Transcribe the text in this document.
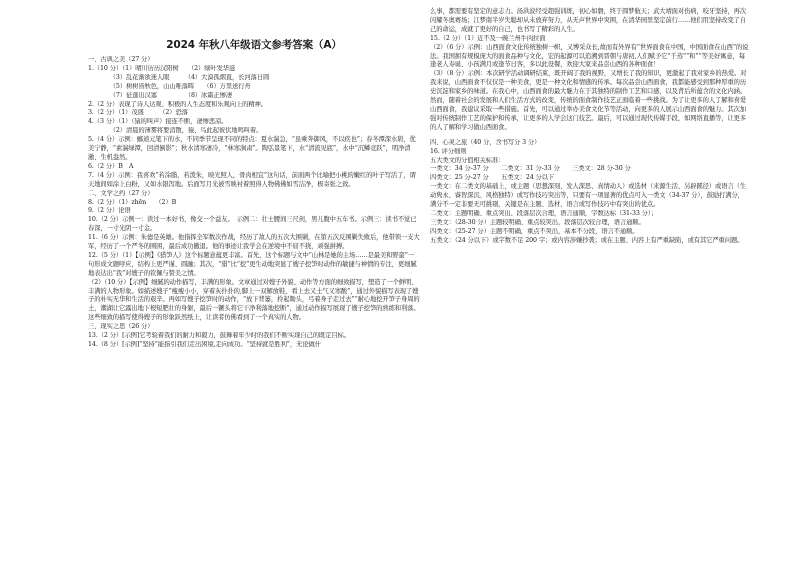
2024 年秋八年级语文参考答案（A）
一、古典之美（27 分）
1.（10 分）（1）晴川历历汉阳树　　（2）绿叶发华滋
　　　　（3）乱花渐欲迷人眼　　　（4）大漠孤烟直，长河落日圆
　　　　（5）树树皆秋色，山山唯落晖　　（6）万里送行舟
　　　　（7）征蓬出汉塞　　　　　（8）冰霜正惨凄
2.（2 分）表现了诗人达观、积极的人生态度和乐观向上的精神。
3.（2 分）（1）茂盛　　　（2）恐落
4.（3 分）（1）（猿的叫声）接连不断，凄惨悲凉。
　　　　（2）清晨的薄雾将要消散，猿、鸟此起彼伏地鸣叫着。
5.（4 分）示例：郦道元笔下的水，不同季节呈现不同的特点：夏水湍急，“虽乘奔御风，不以疾也”；春冬潭深水碧，优美宁静，“素湍绿潭，回清倒影”；秋水清寒凄冷，“林寒涧肃”。陶弘景笔下，水“清流见底”，水中“沉鳞竞跃”，明净清澈、生机盎然。
6.（2 分）B　A
7.（4 分）示例：我喜欢“若涂脂，若泼朱，映光照人，骨肉相宜”这句话，前面两个比喻把小桃的嫩红的叶子写活了，谓天地间如涂上白粉，又如水银泻地。后面写月光被雪映衬着照得人物佛佛如雪洁净，极寄张之致。
二、文学之约（27 分）
8.（2 分）（1）zhēn　　（2）B
9.（2 分）论语
10.（2 分）示例一：读过一本好书，像交一个益友。　示例二：壮士腰间三尺剑，男儿腹中五车书。示例三：读书不觉已春深，一寸光阴一寸金。
11.（6 分）示例：朱德是英雄。他指挥全军数次作战，经历了敌人的五次大围剿，在第五次反围剿失败后，他带领一支大军，经历了一个严冬的围困，最后成功撤退。他的事迹让我学会在逆境中不屈不挠，顽强拼搏。
12.（5 分）（1）【示例】《猎笋人》这个标题意蕴更丰富。首先，这个标题与文中“山林是她的主场……是最美和野蛮”一句形成文题呼应，结构上更严谨、圆融；其次，“猎”比“挖”更生动地突显了嫂子挖笋时动作的敏捷与神情的专注，更细腻地表达出“我”对嫂子的钦佩与赞美之情。
（2）（10 分）【示例】细腻的动作描写，丰满的形象。文章通过对嫂子外貌、动作等方面的细致描写，塑造了一个鲜明、丰满的人物形象。如描述嫂子“瘦瘦小小，穿着灰扑扑的,脚上一双解放鞋，看上去又土气又寒酸”，通过外貌描写表现了嫂子的朴实无华和生活的艰辛。再如写嫂子挖笋时的动作，“放下背篓，拎起锄头，弓着身子走过去”“耐心地挖开笋子身周的土，潮湖让它露出地下根短肥壮的身躯，最后一镢头将它干净利落地挖断”，通过动作描写展现了嫂子挖笋的熟练和利落。这些细致的描写使得嫂子的形象跃然纸上，让读者仿佛看到了一个真实的人物。
三、现实之思（26 分）
13.（2 分）[示例]它考验着我们的耐力和毅力，鼓舞着年少时的我们不断实现自己的既定目标。
14.（8 分）[示例]“坚持”能指引我们走出困境,走向成功。“坚持就是胜利”，无论做什
么事，都需要有坚定的意志力。汤洪波经受超强训练，初心如磐，终于圆梦航天；武大靖面对伤病，咬牙坚持，再次闪耀冬奥赛场；江梦南半岁失聪却从未放弃努力，从无声世界中突围，在清华园里坚定前行……他们用坚持改变了自己的命运，成就了更好的自己，也书写了精彩的人生。
15.（2 分）（1）近不及一碗兰州牛肉拉面
（2）（6 分）示例：山西面食文化传统独树一帜，又博采众长,故而有外界有“世界面食在中国，中国面食在山西”的说法。我国拥有规模庞大的面食品种与文化，宏的起源可以追溯到晋朝与唐初,人们赋予它“千蒸”“和”“等美好寓意，每逢老人寿诞、小孩满月或逢节日客，多以此设餐，欢迎大家来品尝山西的各种面食！
（3）（8 分）示例：本次研学活动调研结束，既开阔了我的视野，又增长了我的知识，更激起了我对家乡的热爱。对我来说，山西面食不仅仅是一种美食，更是一种文化和情感的传承。每次品尝山西面食，我都能感受到那种厚重的历史沉淀和家乡的味道。在我心中，山西面食的最大魅力在于其独特的制作工艺和口感，以及背后所蕴含的文化内涵。　然而，随着社会的发展和人们生活方式的改变，传统的面食制作技艺正面临着一些挑战。为了让更多的人了解和喜爱山西面食，我建议采取一些措施。首先，可以通过举办美食文化节等活动，向更多的人展示山西面食的魅力。其次加强对传统制作工艺的保护和传承，让更多的人学会这门技艺。最后，可以通过现代传媒手段，如网络直播等，让更多的人了解和学习做山西面食。
四、心灵之旅（40 分，含书写分 3 分）
16. 评分细则
五大类文的分值相关标准：
一类文：34 分-37 分　　二类文：31 分-33 分　　三类文：28 分-30 分
四类文：25 分-27 分　　五类文：24 分以下
一类文：在二类文的基础上，或主题（思想深刻、发人深思、真情动人）或选材（来源生活、另辟蹊径）或语言（生动隽永、睿智深沉、风格独特）或写作技巧突出等，只要有一项显著的优点可入一类文（34-37 分），鼓励打满分，满分不一定非要无可挑剔，关键是在主题、选材、语言或写作技巧中有突出的优点。
二类文：主题明确、重点突出、段落层次合理，语言通顺，字数达标（31-33 分）；
三类文：（28-30 分）主题较明确、重点较突出，段落层次较合理，语言通顺。
四类文：（25-27 分）主题不明确，重点不突出，基本不分段，语言不通顺。
五类文：（24 分以下）或字数不足 200 字；或内容涉嫌抄袭；或在主题、内容上有严重缺陷，或有其它严重问题。
